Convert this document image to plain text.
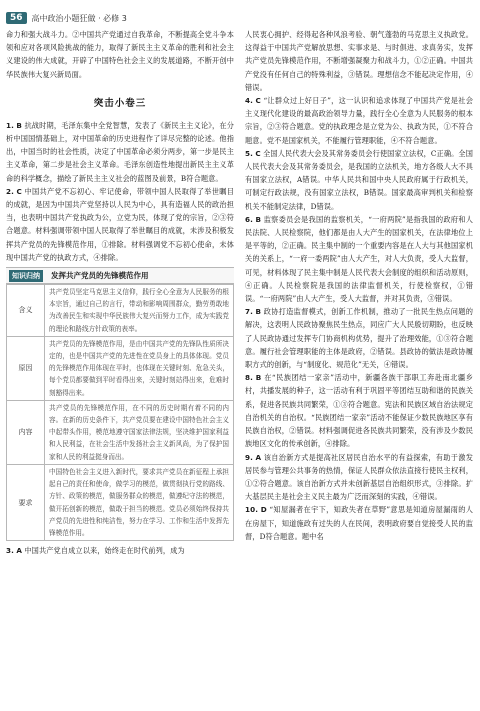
56	高中政治小题狂做 · 必修 3

命力和强大战斗力。②中国共产党通过自我革命，不断提高全党斗争本领和应对各项风险挑战的能力，取得了新民主主义革命的胜利和社会主义建设的伟大成就，开辟了中国特色社会主义的发展道路，不断开创中华民族伟大复兴新局面。

突击小卷三

1. B 抗战时期，毛泽东集中全党智慧，发表了《新民主主义论》，在分析中国国情基础上，对中国革命的历史进程作了详尽完整的论述。他指出，中国当时的社会性质，决定了中国革命必须分两步，第一步是民主主义革命，第二步是社会主义革命。毛泽东创造性地提出新民主主义革命的科学概念，描绘了新民主主义社会的蓝图及前景，B符合题意。

2. C 中国共产党不忘初心、牢记使命，带领中国人民取得了举世瞩目的成就，是因为中国共产党坚持以人民为中心，具有造福人民的政治担当，也表明中国共产党执政为公，立党为民，体现了党的宗旨，②③符合题意。材料强调带领中国人民取得了举世瞩目的成就，未涉及积极发挥共产党员的先锋模范作用，①排除。材料强调党不忘初心使命，未体现中国共产党的执政方式，④排除。

知识归纳	发挥共产党员的先锋模范作用
含义	共产党员坚定马克思主义信仰，践行全心全意为人民服务的根本宗旨，通过自己的言行，带动和影响周围群众，勤劳勇敢地为改善民生和实现中华民族伟大复兴而努力工作，成为实践党的理论和路线方针政策的表率。
原因	共产党员的先锋模范作用，是由中国共产党的先锋队性质所决定的，也是中国共产党的先进性在党员身上的具体体现。党员的先锋模范作用体现在平时，也体现在关键时刻、危急关头，每个党员都要做到平时看得出来，关键时刻站得出来，危难时刻豁得出来。
内容	共产党员的先锋模范作用，在不同的历史时期有着不同的内容。在新的历史条件下，共产党员要在建设中国特色社会主义中起带头作用，模范地遵守国家法律法规，坚决维护国家利益和人民利益，在社会生活中发扬社会主义新风尚，为了保护国家和人民的利益挺身而出。
要求	中国特色社会主义进入新时代，要求共产党员在新征程上承担起自己的责任和使命，做学习的模范，做贯彻执行党的路线、方针、政策的模范，做服务群众的模范，做遵纪守法的模范，做开拓创新的模范，做敢于担当的模范。党员必须始终保持共产党员的先进性和纯洁性，努力在学习、工作和生活中发挥先锋模范作用。

3. A 中国共产党自成立以来，始终走在时代前列，成为

人民衷心拥护、经得起各种风浪考验、朝气蓬勃的马克思主义执政党。这得益于中国共产党解放思想、实事求是、与时俱进、求真务实，发挥共产党员先锋模范作用，不断增强凝聚力和战斗力，①②正确。中国共产党没有任何自己的特殊利益，③错误。理想信念不能起决定作用，④错误。

4. C “让群众过上好日子”，这一认识和追求体现了中国共产党是社会主义现代化建设的最高政治领导力量，践行全心全意为人民服务的根本宗旨，②③符合题意。党的执政理念是立党为公、执政为民，①不符合题意。党不是国家机关，不能履行管理职能，④不符合题意。

5. C 全国人民代表大会及其常务委员会行使国家立法权，C正确。全国人民代表大会及其常务委员会，是我国的立法机关，地方各级人大不具有国家立法权，A错误。中华人民共和国中央人民政府属于行政机关，可制定行政法规，没有国家立法权，B错误。国家最高审判机关和检察机关不能制定法律，D错误。

6. B 监察委员会是我国的监察机关，“一府两院”是指我国的政府和人民法院、人民检察院，他们都是由人大产生的国家机关，在法律地位上是平等的，②正确。民主集中制的一个重要内容是在人大与其他国家机关的关系上，“一府一委两院”由人大产生，对人大负责，受人大监督，可见，材料体现了民主集中制是人民代表大会制度的组织和活动原则，④正确。人民检察院是我国的法律监督机关，行使检察权，①错误。“一府两院”由人大产生，受人大监督，并对其负责，③错误。

7. B 政协打造监督模式，创新工作机制，推动了一批民生热点问题的解决，这表明人民政协聚焦民生热点，同应广大人民殷切期盼，也反映了人民政协通过发挥专门协商机构优势，提升了治理效能，①③符合题意。履行社会管理职能的主体是政府，②错误。县政协的做法是政协履职方式的创新，与“制度化、规范化”无关，④错误。

8. B 在“民族团结一家亲”活动中，新疆各族干部职工奔赴南北疆乡村，共播发展的种子，这一活动有利于巩固平等团结互助和谐的民族关系，促进各民族共同繁荣，①③符合题意。宪法和民族区域自治法规定自治机关的自治权。“民族团结一家亲”活动不能保证少数民族地区享有民族自治权，②错误。材料强调促进各民族共同繁荣，没有涉及少数民族地区文化的传承创新，④排除。

9. A 该自治新方式是提高社区居民自治水平的有益探索，有助于激发居民参与管理公共事务的热情，保证人民群众依法直接行使民主权利，①②符合题意。该自治新方式并未创新基层自治组织形式，③排除。扩大基层民主是社会主义民主最为广泛而深刻的实践，④错误。

10. D “知屋漏者在宇下，知政失者在草野”意思是知道房屋漏雨的人在房屋下，知道施政有过失的人在民间，表明政府要自觉接受人民的监督，D符合题意。题中名
